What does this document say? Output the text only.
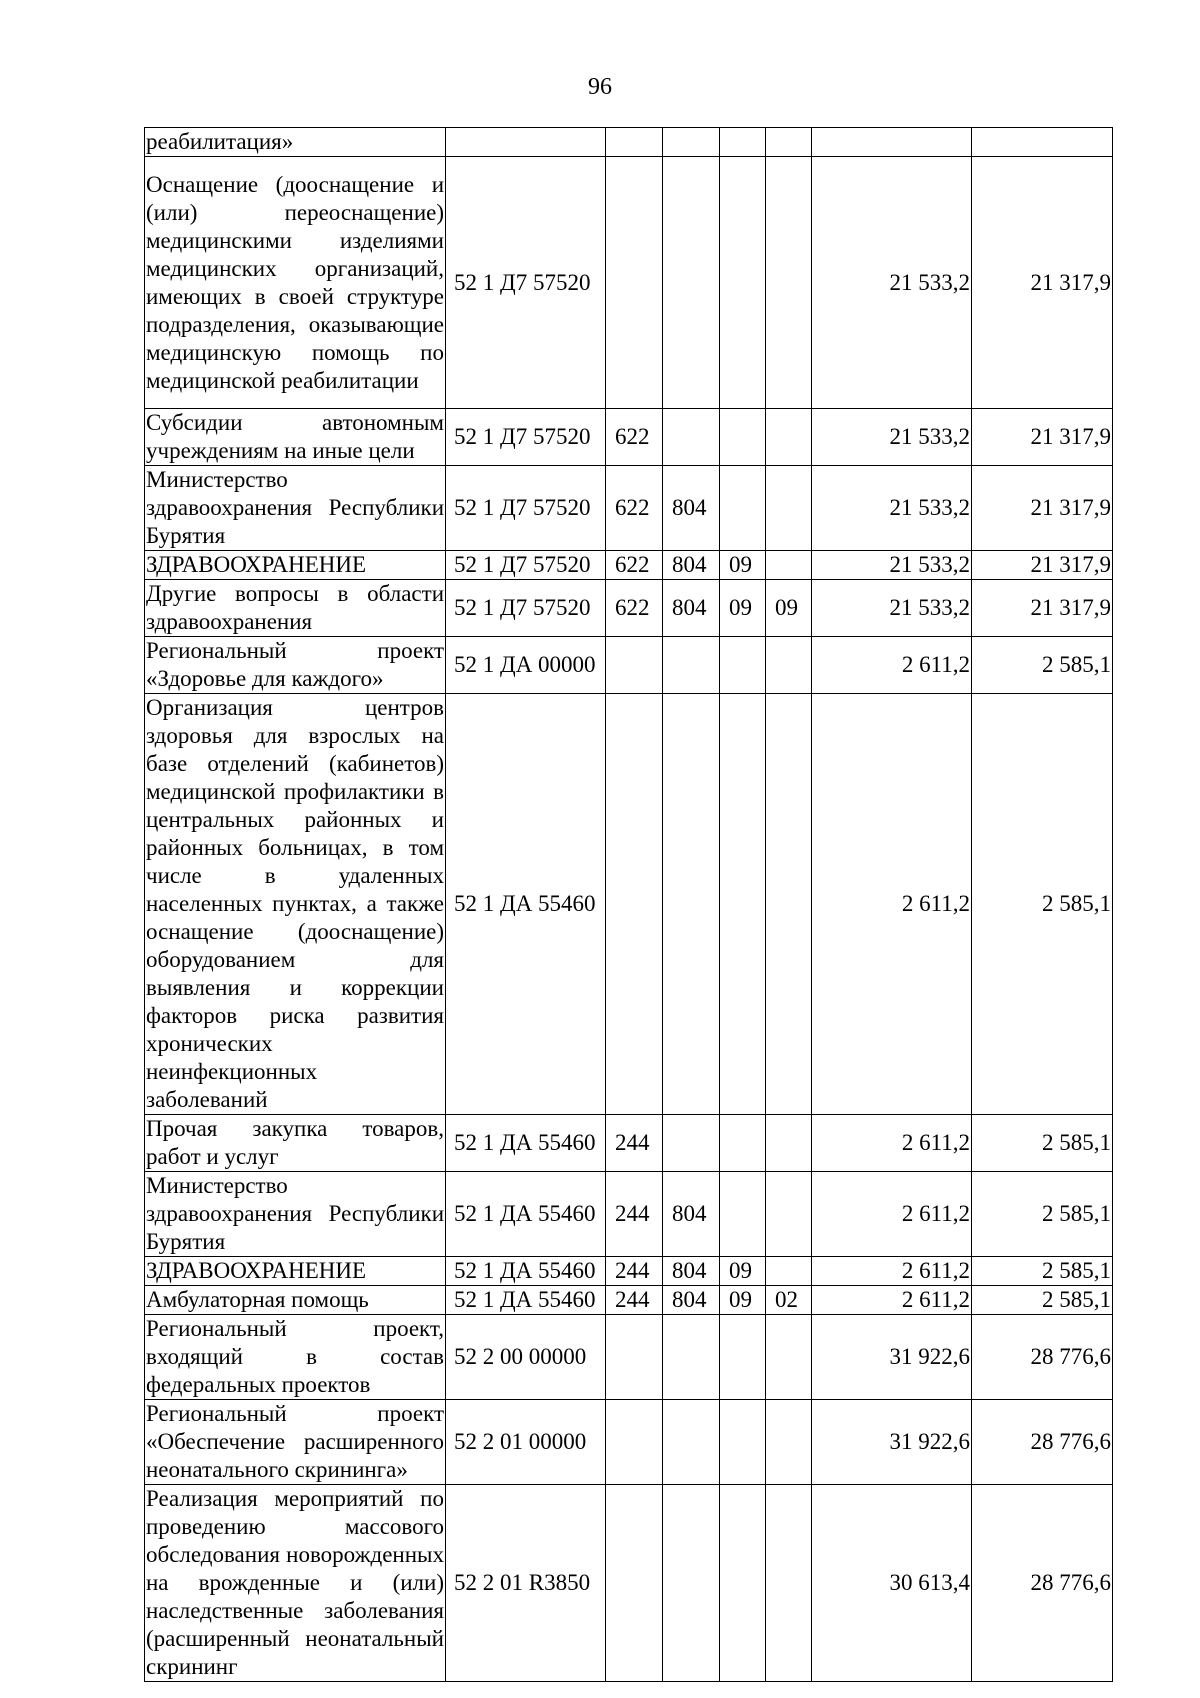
96
реабилитация»							
Оснащение (дооснащение и (или) переоснащение) медицинскими изделиями медицинских организаций, имеющих в своей структуре подразделения, оказывающие медицинскую помощь по медицинской реабилитации	52 1 Д7 57520					21 533,2	21 317,9
Субсидии автономным учреждениям на иные цели	52 1 Д7 57520	622				21 533,2	21 317,9
Министерство здравоохранения Республики Бурятия	52 1 Д7 57520	622	804			21 533,2	21 317,9
ЗДРАВООХРАНЕНИЕ	52 1 Д7 57520	622	804	09		21 533,2	21 317,9
Другие вопросы в области здравоохранения	52 1 Д7 57520	622	804	09	09	21 533,2	21 317,9
Региональный проект «Здоровье для каждого»	52 1 ДА 00000					2 611,2	2 585,1
Организация центров здоровья для взрослых на базе отделений (кабинетов) медицинской профилактики в центральных районных и районных больницах, в том числе в удаленных населенных пунктах, а также оснащение (дооснащение) оборудованием для выявления и коррекции факторов риска развития хронических неинфекционных заболеваний	52 1 ДА 55460					2 611,2	2 585,1
Прочая закупка товаров, работ и услуг	52 1 ДА 55460	244				2 611,2	2 585,1
Министерство здравоохранения Республики Бурятия	52 1 ДА 55460	244	804			2 611,2	2 585,1
ЗДРАВООХРАНЕНИЕ	52 1 ДА 55460	244	804	09		2 611,2	2 585,1
Амбулаторная помощь	52 1 ДА 55460	244	804	09	02	2 611,2	2 585,1
Региональный проект, входящий в состав федеральных проектов	52 2 00 00000					31 922,6	28 776,6
Региональный проект «Обеспечение расширенного неонатального скрининга»	52 2 01 00000					31 922,6	28 776,6
Реализация мероприятий по проведению массового обследования новорожденных на врожденные и (или) наследственные заболевания (расширенный неонатальный скрининг	52 2 01 R3850					30 613,4	28 776,6
